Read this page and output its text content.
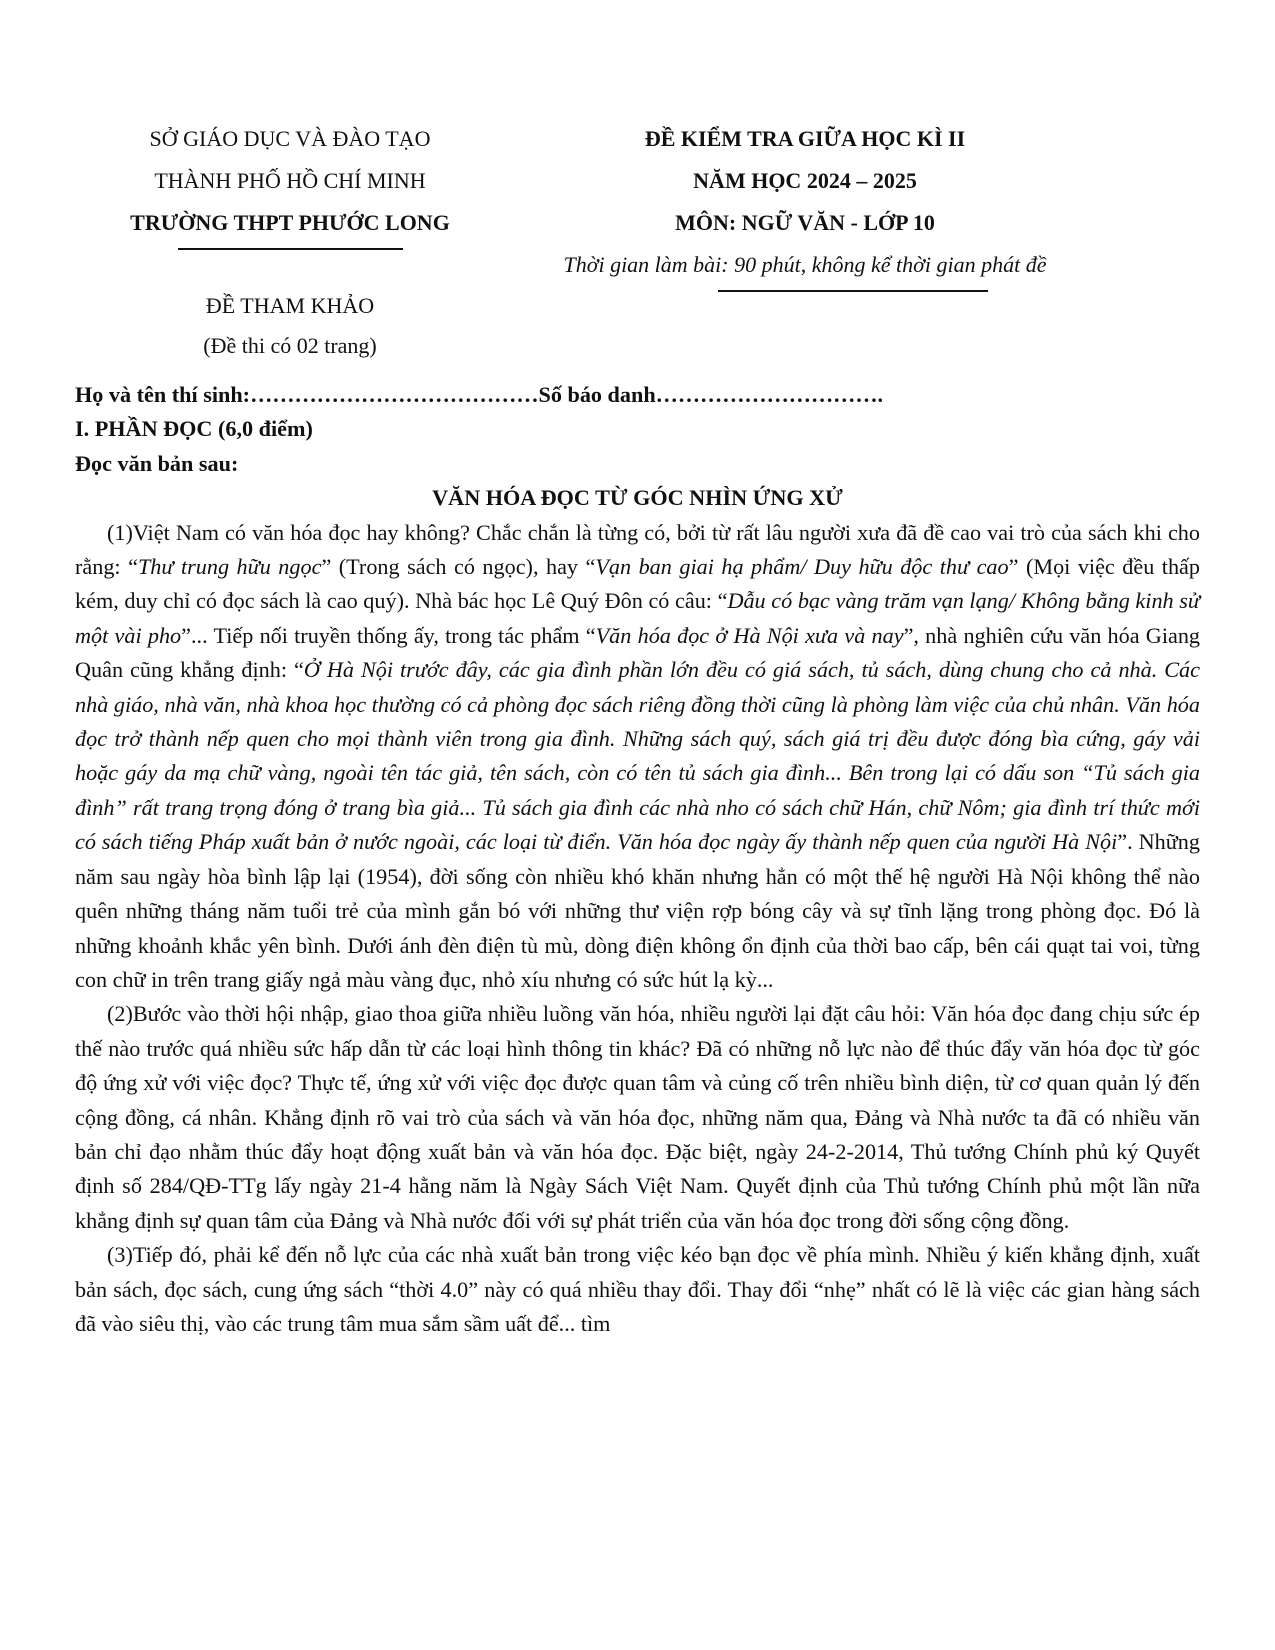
SỞ GIÁO DỤC VÀ ĐÀO TẠO
THÀNH PHỐ HỒ CHÍ MINH
TRƯỜNG THPT PHƯỚC LONG
ĐỀ KIỂM TRA GIỮA HỌC KÌ II
NĂM HỌC 2024 – 2025
MÔN: NGỮ VĂN - LỚP 10
Thời gian làm bài: 90 phút, không kể thời gian phát đề
ĐỀ THAM KHẢO
(Đề thi có 02 trang)
Họ và tên thí sinh:…………………………………Số báo danh………………………….
I. PHẦN ĐỌC (6,0 điểm)
Đọc văn bản sau:
VĂN HÓA ĐỌC TỪ GÓC NHÌN ỨNG XỬ

(1)Việt Nam có văn hóa đọc hay không? Chắc chắn là từng có, bởi từ rất lâu người xưa đã đề cao vai trò của sách khi cho rằng: “Thư trung hữu ngọc” (Trong sách có ngọc), hay “Vạn ban giai hạ phẩm/ Duy hữu độc thư cao” (Mọi việc đều thấp kém, duy chỉ có đọc sách là cao quý). Nhà bác học Lê Quý Đôn có câu: “Dẫu có bạc vàng trăm vạn lạng/ Không bằng kinh sử một vài pho”... Tiếp nối truyền thống ấy, trong tác phẩm “Văn hóa đọc ở Hà Nội xưa và nay”, nhà nghiên cứu văn hóa Giang Quân cũng khẳng định: “Ở Hà Nội trước đây, các gia đình phần lớn đều có giá sách, tủ sách, dùng chung cho cả nhà. Các nhà giáo, nhà văn, nhà khoa học thường có cả phòng đọc sách riêng đồng thời cũng là phòng làm việc của chủ nhân. Văn hóa đọc trở thành nếp quen cho mọi thành viên trong gia đình. Những sách quý, sách giá trị đều được đóng bìa cứng, gáy vải hoặc gáy da mạ chữ vàng, ngoài tên tác giả, tên sách, còn có tên tủ sách gia đình... Bên trong lại có dấu son “Tủ sách gia đình” rất trang trọng đóng ở trang bìa giả... Tủ sách gia đình các nhà nho có sách chữ Hán, chữ Nôm; gia đình trí thức mới có sách tiếng Pháp xuất bản ở nước ngoài, các loại từ điển. Văn hóa đọc ngày ấy thành nếp quen của người Hà Nội”. Những năm sau ngày hòa bình lập lại (1954), đời sống còn nhiều khó khăn nhưng hẳn có một thế hệ người Hà Nội không thể nào quên những tháng năm tuổi trẻ của mình gắn bó với những thư viện rợp bóng cây và sự tĩnh lặng trong phòng đọc. Đó là những khoảnh khắc yên bình. Dưới ánh đèn điện tù mù, dòng điện không ổn định của thời bao cấp, bên cái quạt tai voi, từng con chữ in trên trang giấy ngả màu vàng đục, nhỏ xíu nhưng có sức hút lạ kỳ...

(2)Bước vào thời hội nhập, giao thoa giữa nhiều luồng văn hóa, nhiều người lại đặt câu hỏi: Văn hóa đọc đang chịu sức ép thế nào trước quá nhiều sức hấp dẫn từ các loại hình thông tin khác? Đã có những nỗ lực nào để thúc đẩy văn hóa đọc từ góc độ ứng xử với việc đọc? Thực tế, ứng xử với việc đọc được quan tâm và củng cố trên nhiều bình diện, từ cơ quan quản lý đến cộng đồng, cá nhân. Khẳng định rõ vai trò của sách và văn hóa đọc, những năm qua, Đảng và Nhà nước ta đã có nhiều văn bản chỉ đạo nhằm thúc đẩy hoạt động xuất bản và văn hóa đọc. Đặc biệt, ngày 24-2-2014, Thủ tướng Chính phủ ký Quyết định số 284/QĐ-TTg lấy ngày 21-4 hằng năm là Ngày Sách Việt Nam. Quyết định của Thủ tướng Chính phủ một lần nữa khẳng định sự quan tâm của Đảng và Nhà nước đối với sự phát triển của văn hóa đọc trong đời sống cộng đồng.

(3)Tiếp đó, phải kể đến nỗ lực của các nhà xuất bản trong việc kéo bạn đọc về phía mình. Nhiều ý kiến khẳng định, xuất bản sách, đọc sách, cung ứng sách “thời 4.0” này có quá nhiều thay đổi. Thay đổi “nhẹ” nhất có lẽ là việc các gian hàng sách đã vào siêu thị, vào các trung tâm mua sắm sầm uất để... tìm
